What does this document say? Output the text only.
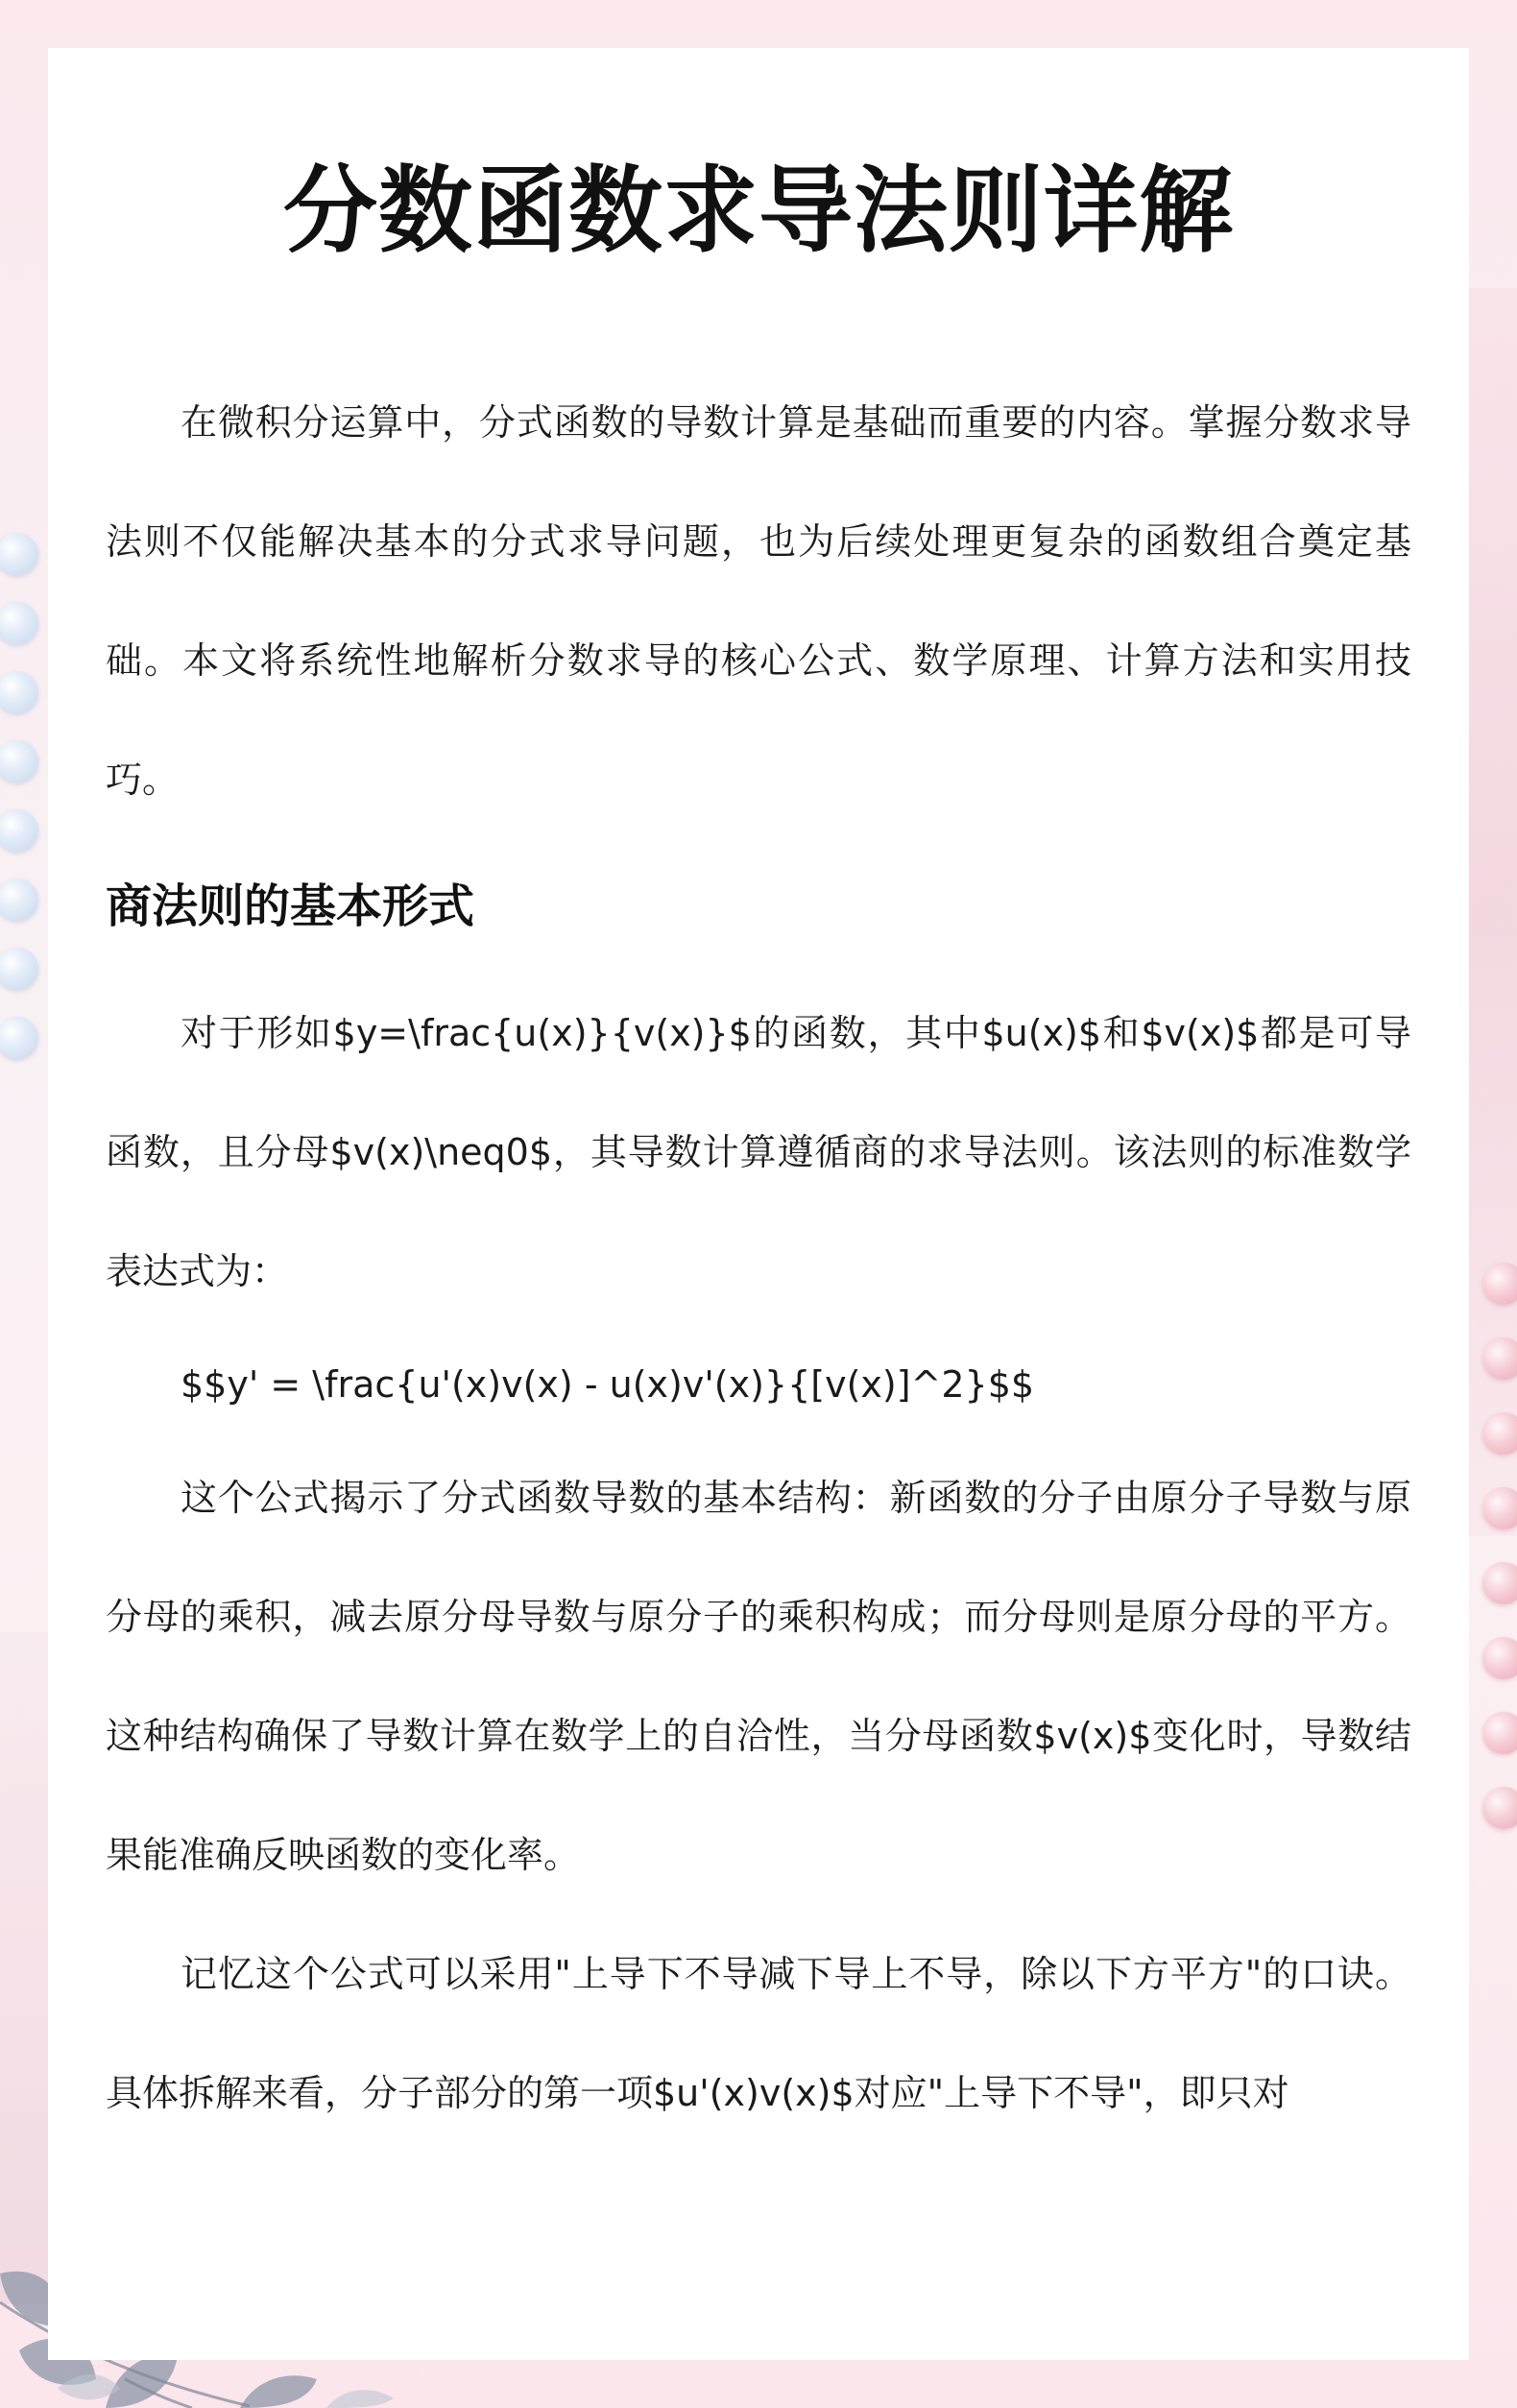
分数函数求导法则详解

在微积分运算中，分式函数的导数计算是基础而重要的内容。掌握分数求导法则不仅能解决基本的分式求导问题，也为后续处理更复杂的函数组合奠定基础。本文将系统性地解析分数求导的核心公式、数学原理、计算方法和实用技巧。

商法则的基本形式

对于形如$y=\frac{u(x)}{v(x)}$的函数，其中$u(x)$和$v(x)$都是可导函数，且分母$v(x)\neq0$，其导数计算遵循商的求导法则。该法则的标准数学表达式为：

$$y' = \frac{u'(x)v(x) - u(x)v'(x)}{[v(x)]^2}$$

这个公式揭示了分式函数导数的基本结构：新函数的分子由原分子导数与原分母的乘积，减去原分母导数与原分子的乘积构成；而分母则是原分母的平方。这种结构确保了导数计算在数学上的自洽性，当分母函数$v(x)$变化时，导数结果能准确反映函数的变化率。

记忆这个公式可以采用"上导下不导减下导上不导，除以下方平方"的口诀。具体拆解来看，分子部分的第一项$u'(x)v(x)$对应"上导下不导"，即只对
